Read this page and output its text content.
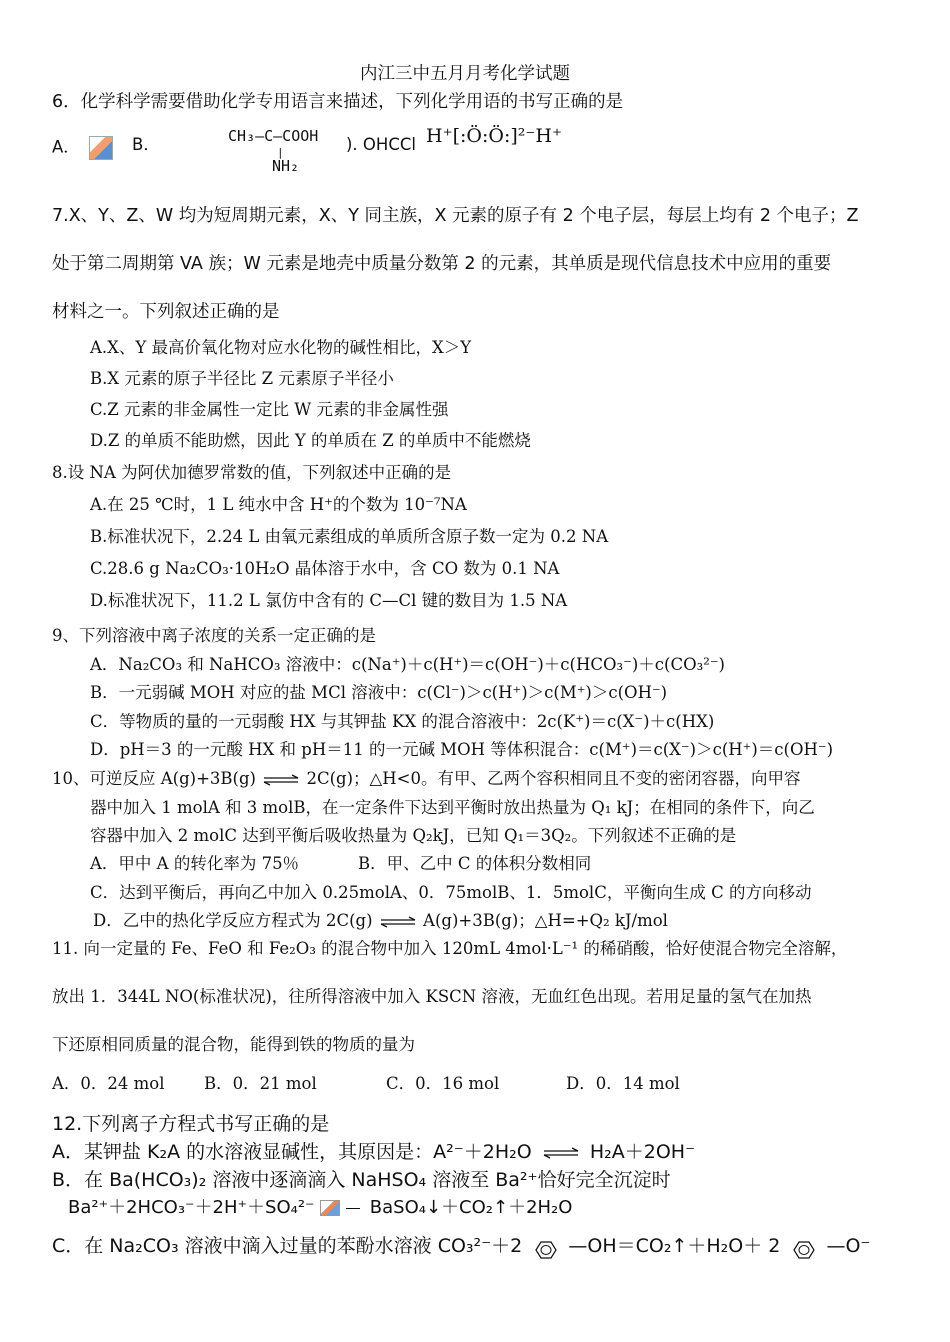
内江三中五月月考化学试题
6．化学科学需要借助化学专用语言来描述，下列化学用语的书写正确的是
A．	B．	CH₃—C—COOH
|
NH₂
). OHCCl H⁺[:Ö:Ö:]²⁻H⁺
7.X、Y、Z、W 均为短周期元素，X、Y 同主族，X 元素的原子有 2 个电子层，每层上均有 2 个电子；Z
处于第二周期第 VA 族；W 元素是地壳中质量分数第 2 的元素，其单质是现代信息技术中应用的重要
材料之一。下列叙述正确的是
A.X、Y 最高价氧化物对应水化物的碱性相比，X＞Y
B.X 元素的原子半径比 Z 元素原子半径小
C.Z 元素的非金属性一定比 W 元素的非金属性强
D.Z 的单质不能助燃，因此 Y 的单质在 Z 的单质中不能燃烧
8.设 NA 为阿伏加德罗常数的值，下列叙述中正确的是
A.在 25 ℃时，1 L 纯水中含 H⁺的个数为 10⁻⁷NA
B.标准状况下，2.24 L 由氧元素组成的单质所含原子数一定为 0.2 NA
C.28.6 g Na₂CO₃·10H₂O 晶体溶于水中，含 CO 数为 0.1 NA
D.标准状况下，11.2 L 氯仿中含有的 C—Cl 键的数目为 1.5 NA
9、下列溶液中离子浓度的关系一定正确的是
A．Na₂CO₃ 和 NaHCO₃ 溶液中：c(Na⁺)＋c(H⁺)＝c(OH⁻)＋c(HCO₃⁻)＋c(CO₃²⁻)
B．一元弱碱 MOH 对应的盐 MCl 溶液中：c(Cl⁻)＞c(H⁺)＞c(M⁺)＞c(OH⁻)
C．等物质的量的一元弱酸 HX 与其钾盐 KX 的混合溶液中：2c(K⁺)＝c(X⁻)＋c(HX)
D．pH＝3 的一元酸 HX 和 pH＝11 的一元碱 MOH 等体积混合：c(M⁺)＝c(X⁻)＞c(H⁺)＝c(OH⁻)
10、可逆反应 A(g)+3B(g) ⇌ 2C(g)；△H<0。有甲、乙两个容积相同且不变的密闭容器，向甲容
器中加入 1 molA 和 3 molB，在一定条件下达到平衡时放出热量为 Q₁ kJ；在相同的条件下，向乙
容器中加入 2 molC 达到平衡后吸收热量为 Q₂kJ，已知 Q₁＝3Q₂。下列叙述不正确的是
A．甲中 A 的转化率为 75％	B．甲、乙中 C 的体积分数相同
C．达到平衡后，再向乙中加入 0.25molA、0．75molB、1．5molC，平衡向生成 C 的方向移动
D．乙中的热化学反应方程式为 2C(g) ⇌ A(g)+3B(g)；△H=+Q₂ kJ/mol
11. 向一定量的 Fe、FeO 和 Fe₂O₃ 的混合物中加入 120mL 4mol·L⁻¹ 的稀硝酸，恰好使混合物完全溶解，
放出 1．344L NO(标准状况)，往所得溶液中加入 KSCN 溶液，无血红色出现。若用足量的氢气在加热
下还原相同质量的混合物，能得到铁的物质的量为
A．0．24 mol B．0．21 mol	C．0．16 mol	D．0．14 mol
12.下列离子方程式书写正确的是
A．某钾盐 K₂A 的水溶液显碱性，其原因是：A²⁻＋2H₂O ⇌ H₂A＋2OH⁻
B．在 Ba(HCO₃)₂ 溶液中逐滴滴入 NaHSO₄ 溶液至 Ba²⁺恰好完全沉淀时
Ba²⁺＋2HCO₃⁻＋2H⁺＋SO₄²⁻	BaSO₄↓＋CO₂↑＋2H₂O
C．在 Na₂CO₃ 溶液中滴入过量的苯酚水溶液 CO₃²⁻＋2 —OH＝CO₂↑＋H₂O＋ 2 —O⁻
